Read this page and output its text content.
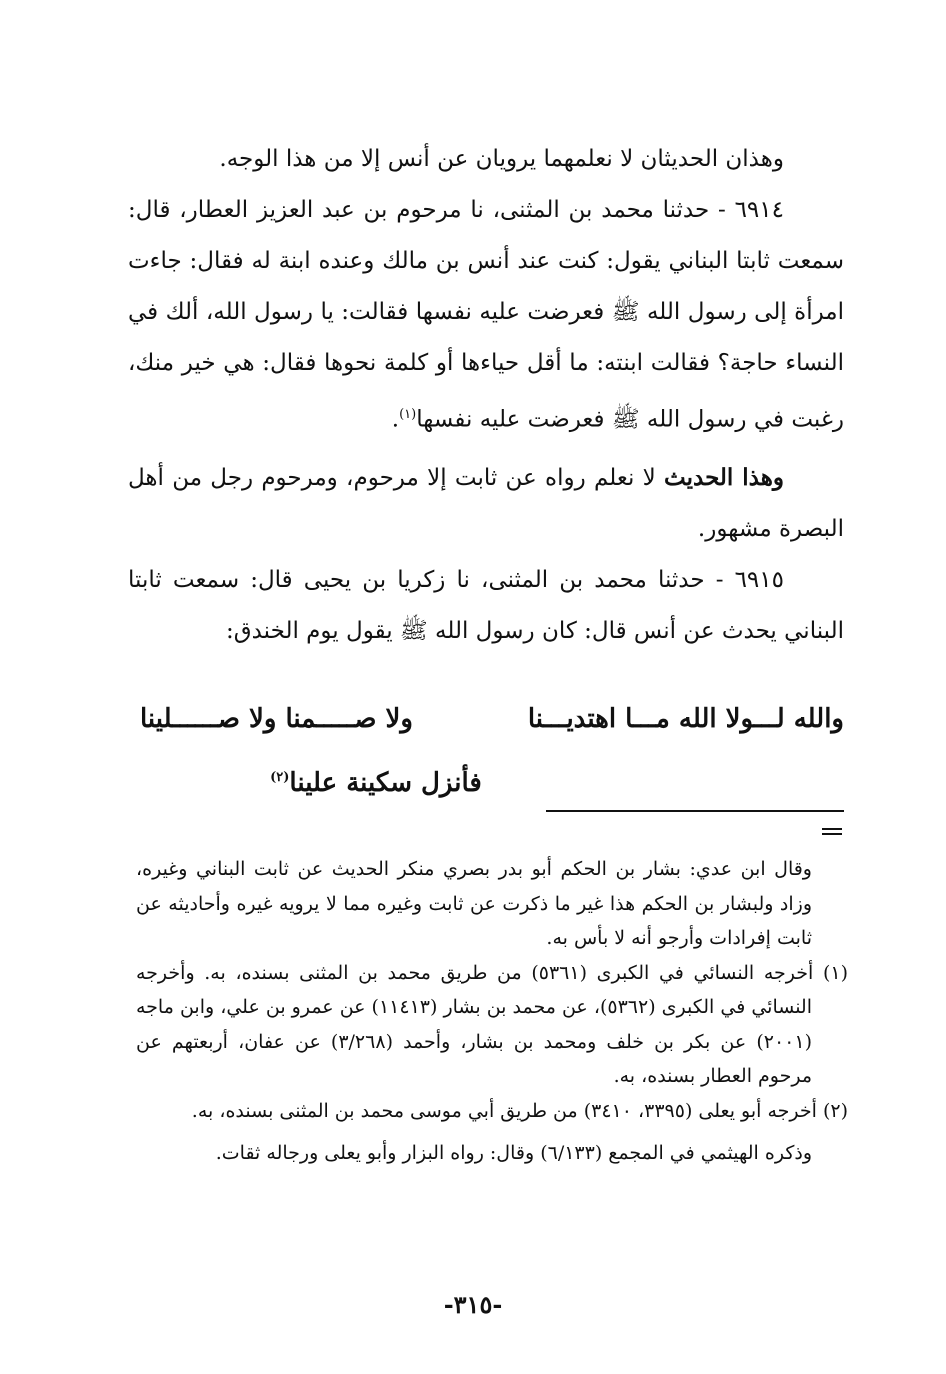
وهذان الحديثان لا نعلمهما يرويان عن أنس إلا من هذا الوجه.

٦٩١٤ - حدثنا محمد بن المثنى، نا مرحوم بن عبد العزيز العطار، قال: سمعت ثابتا البناني يقول: كنت عند أنس بن مالك وعنده ابنة له فقال: جاءت امرأة إلى رسول الله ﷺ فعرضت عليه نفسها فقالت: يا رسول الله، ألك في النساء حاجة؟ فقالت ابنته: ما أقل حياءها أو كلمة نحوها فقال: هي خير منك، رغبت في رسول الله ﷺ فعرضت عليه نفسها$^{(١)}$.

وهذا الحديث لا نعلم رواه عن ثابت إلا مرحوم، ومرحوم رجل من أهل البصرة مشهور.

٦٩١٥ - حدثنا محمد بن المثنى، نا زكريا بن يحيى قال: سمعت ثابتا البناني يحدث عن أنس قال: كان رسول الله ﷺ يقول يوم الخندق:

والله لـــولا الله مـــا اهتديـــنا
ولا صـــــمنا ولا صــــــلينا
فأنزل سكينة علينا$^{(٢)}$

وقال ابن عدي: بشار بن الحكم أبو بدر بصري منكر الحديث عن ثابت البناني وغيره، وزاد ولبشار بن الحكم هذا غير ما ذكرت عن ثابت وغيره مما لا يرويه غيره وأحاديثه عن ثابت إفرادات وأرجو أنه لا بأس به.

(١) أخرجه النسائي في الكبرى (٥٣٦١) من طريق محمد بن المثنى بسنده، به. وأخرجه النسائي في الكبرى (٥٣٦٢)، عن محمد بن بشار (١١٤١٣) عن عمرو بن علي، وابن ماجه (٢٠٠١) عن بكر بن خلف ومحمد بن بشار، وأحمد (٣/٢٦٨) عن عفان، أربعتهم عن مرحوم العطار بسنده، به.

(٢) أخرجه أبو يعلى (٣٣٩٥، ٣٤١٠) من طريق أبي موسى محمد بن المثنى بسنده، به.

وذكره الهيثمي في المجمع (٦/١٣٣) وقال: رواه البزار وأبو يعلى ورجاله ثقات.

-٣١٥-
